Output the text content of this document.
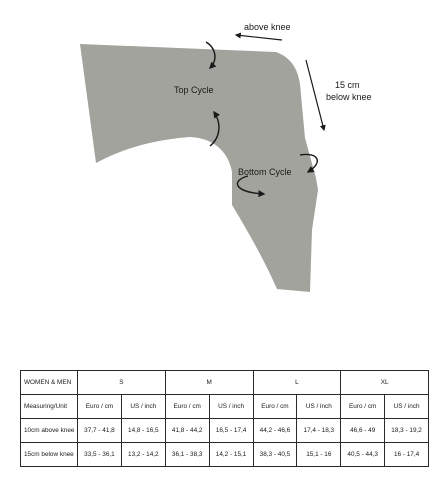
Top Cycle
Bottom Cycle
above knee
15 cm
below knee
WOMEN & MEN	S		M		L		XL	
Measuring/Unit	Euro / cm	US / inch	Euro / cm	US / inch	Euro / cm	US / inch	Euro / cm	US / inch
10cm above knee	37,7 - 41,8	14,8 - 16,5	41,8 - 44,2	16,5 - 17,4	44,2 - 46,6	17,4 - 18,3	46,6 - 49	18,3 - 19,2
15cm below knee	33,5 - 36,1	13,2 - 14,2	36,1 - 38,3	14,2 - 15,1	38,3 - 40,5	15,1 - 16	40,5 - 44,3	16 - 17,4
